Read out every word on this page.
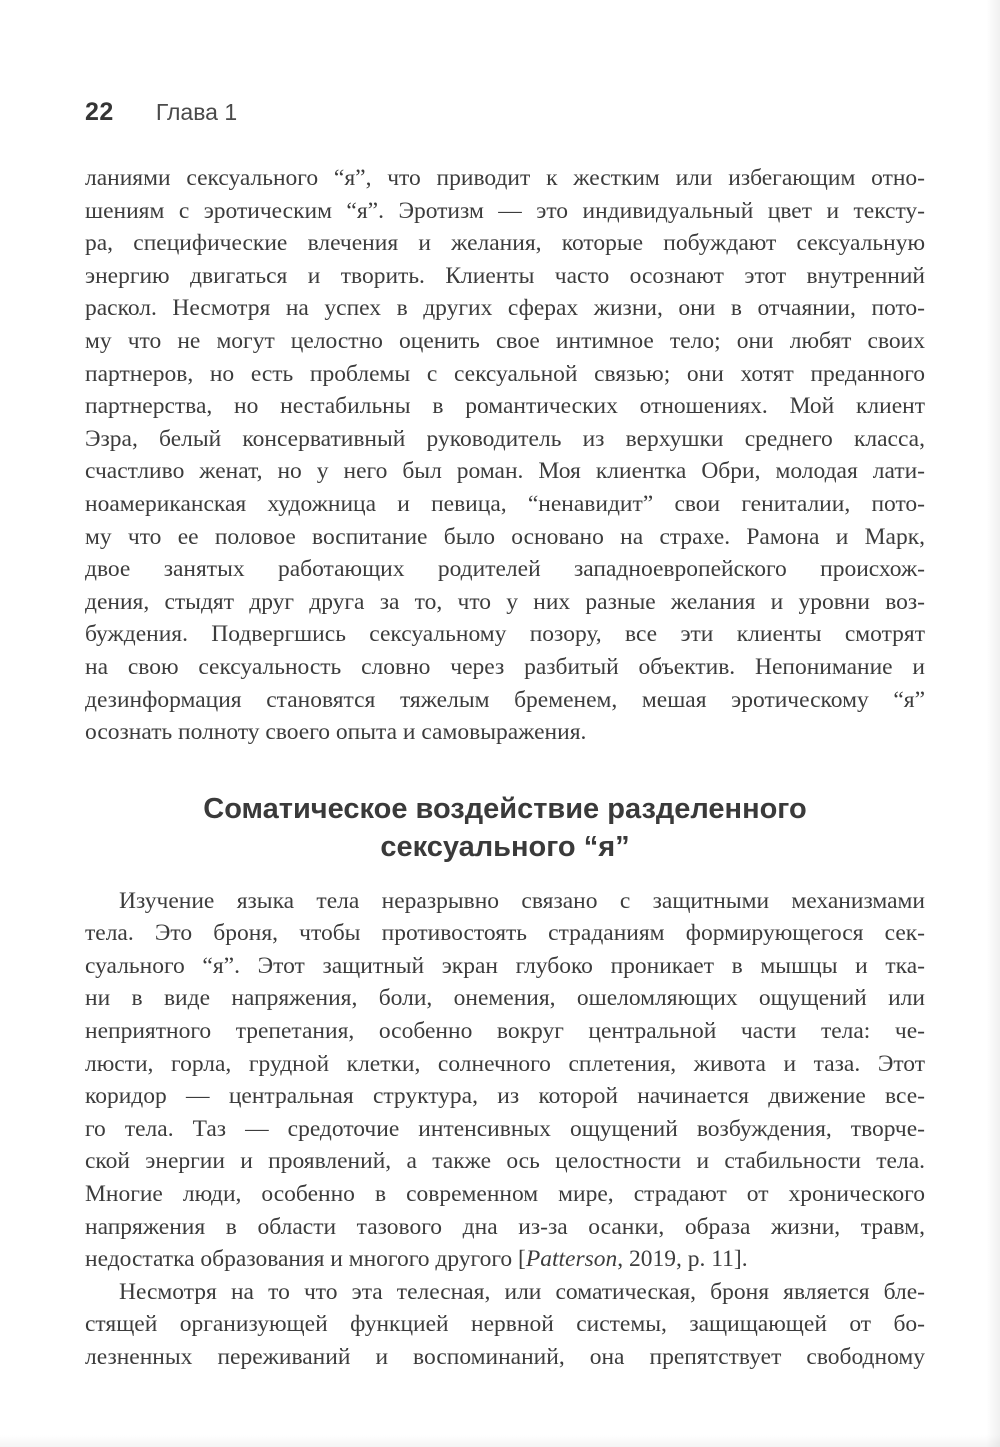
22 Глава 1
ланиями сексуального “я”, что приводит к жестким или избегающим отно-
шениям с эротическим “я”. Эротизм — это индивидуальный цвет и тексту-
ра, специфические влечения и желания, которые побуждают сексуальную
энергию двигаться и творить. Клиенты часто осознают этот внутренний
раскол. Несмотря на успех в других сферах жизни, они в отчаянии, пото-
му что не могут целостно оценить свое интимное тело; они любят своих
партнеров, но есть проблемы с сексуальной связью; они хотят преданного
партнерства, но нестабильны в романтических отношениях. Мой клиент
Эзра, белый консервативный руководитель из верхушки среднего класса,
счастливо женат, но у него был роман. Моя клиентка Обри, молодая лати-
ноамериканская художница и певица, “ненавидит” свои гениталии, пото-
му что ее половое воспитание было основано на страхе. Рамона и Марк,
двое занятых работающих родителей западноевропейского происхож-
дения, стыдят друг друга за то, что у них разные желания и уровни воз-
буждения. Подвергшись сексуальному позору, все эти клиенты смотрят
на свою сексуальность словно через разбитый объектив. Непонимание и
дезинформация становятся тяжелым бременем, мешая эротическому “я”
осознать полноту своего опыта и самовыражения.
Соматическое воздействие разделенного
сексуального “я”
Изучение языка тела неразрывно связано с защитными механизмами
тела. Это броня, чтобы противостоять страданиям формирующегося сек-
суального “я”. Этот защитный экран глубоко проникает в мышцы и тка-
ни в виде напряжения, боли, онемения, ошеломляющих ощущений или
неприятного трепетания, особенно вокруг центральной части тела: че-
люсти, горла, грудной клетки, солнечного сплетения, живота и таза. Этот
коридор — центральная структура, из которой начинается движение все-
го тела. Таз — средоточие интенсивных ощущений возбуждения, творче-
ской энергии и проявлений, а также ось целостности и стабильности тела.
Многие люди, особенно в современном мире, страдают от хронического
напряжения в области тазового дна из-за осанки, образа жизни, травм,
недостатка образования и многого другого [Patterson, 2019, p. 11].
Несмотря на то что эта телесная, или соматическая, броня является бле-
стящей организующей функцией нервной системы, защищающей от бо-
лезненных переживаний и воспоминаний, она препятствует свободному
